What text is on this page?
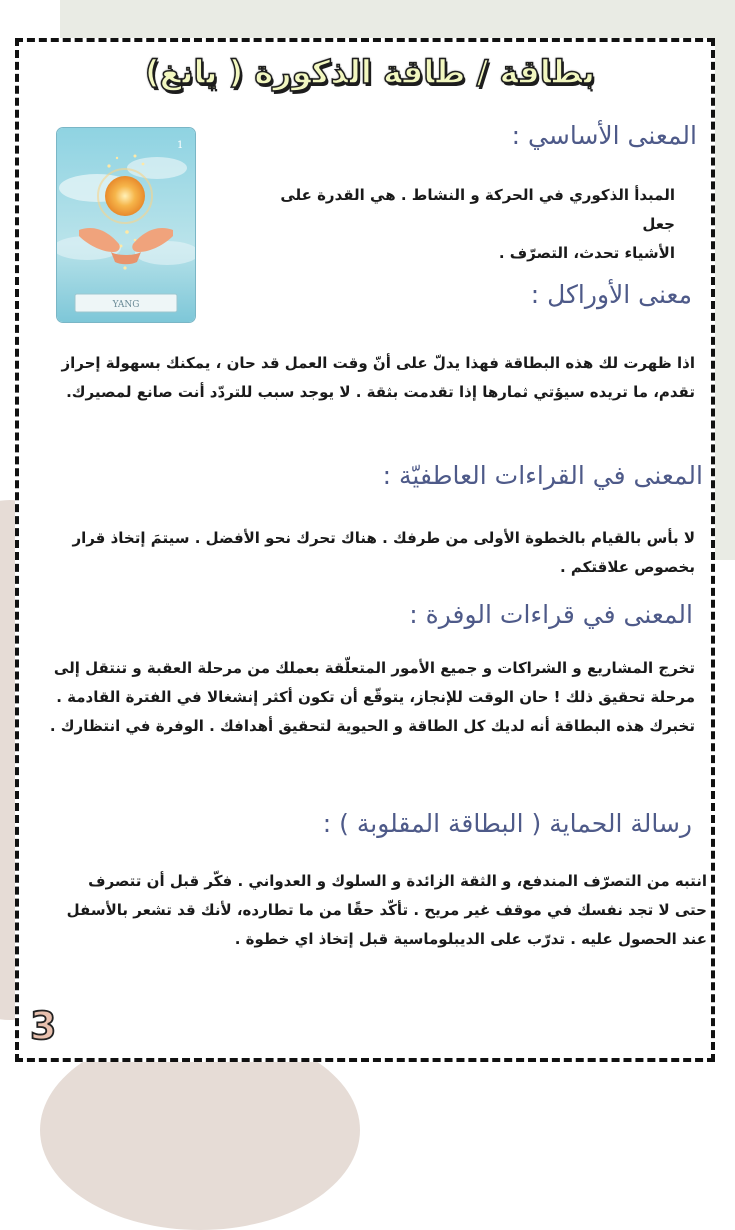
بطاقة / طاقة الذكورة ( يانغ)
1
YANG
المعنى الأساسي :
المبدأ الذكوري في الحركة و النشاط . هي القدرة على جعل
الأشياء تحدث، التصرّف .
معنى الأوراكل :
اذا ظهرت لك هذه البطاقة فهذا يدلّ على أنّ وقت العمل قد حان ، يمكنك بسهولة إحراز
تقدم، ما تريده سيؤتي ثمارها إذا تقدمت بثقة . لا يوجد سبب للتردّد أنت صانع لمصيرك.
المعنى في القراءات العاطفيّة :
لا بأس بالقيام بالخطوة الأولى من طرفك . هناك تحرك نحو الأفضل . سيتمَ إتخاذ قرار
بخصوص علاقتكم .
المعنى في قراءات الوفرة :
تخرج المشاريع و الشراكات و جميع الأمور المتعلّقة بعملك من مرحلة العقبة و تنتقل إلى
مرحلة تحقيق ذلك ! حان الوقت للإنجاز، يتوقّع أن تكون أكثر إنشغالا في الفترة القادمة .
تخبرك هذه البطاقة أنه لديك كل الطاقة و الحيوية لتحقيق أهدافك . الوفرة في انتظارك .
رسالة الحماية ( البطاقة المقلوبة ) :
انتبه من التصرّف المندفع، و الثقة الزائدة و السلوك و العدواني . فكّر قبل أن تتصرف
حتى لا تجد نفسك في موقف غير مريح . تأكّد حقًا من ما تطارده، لأنك قد تشعر بالأسفل
عند الحصول عليه . تدرّب على الديبلوماسية قبل إتخاذ اي خطوة .
3
